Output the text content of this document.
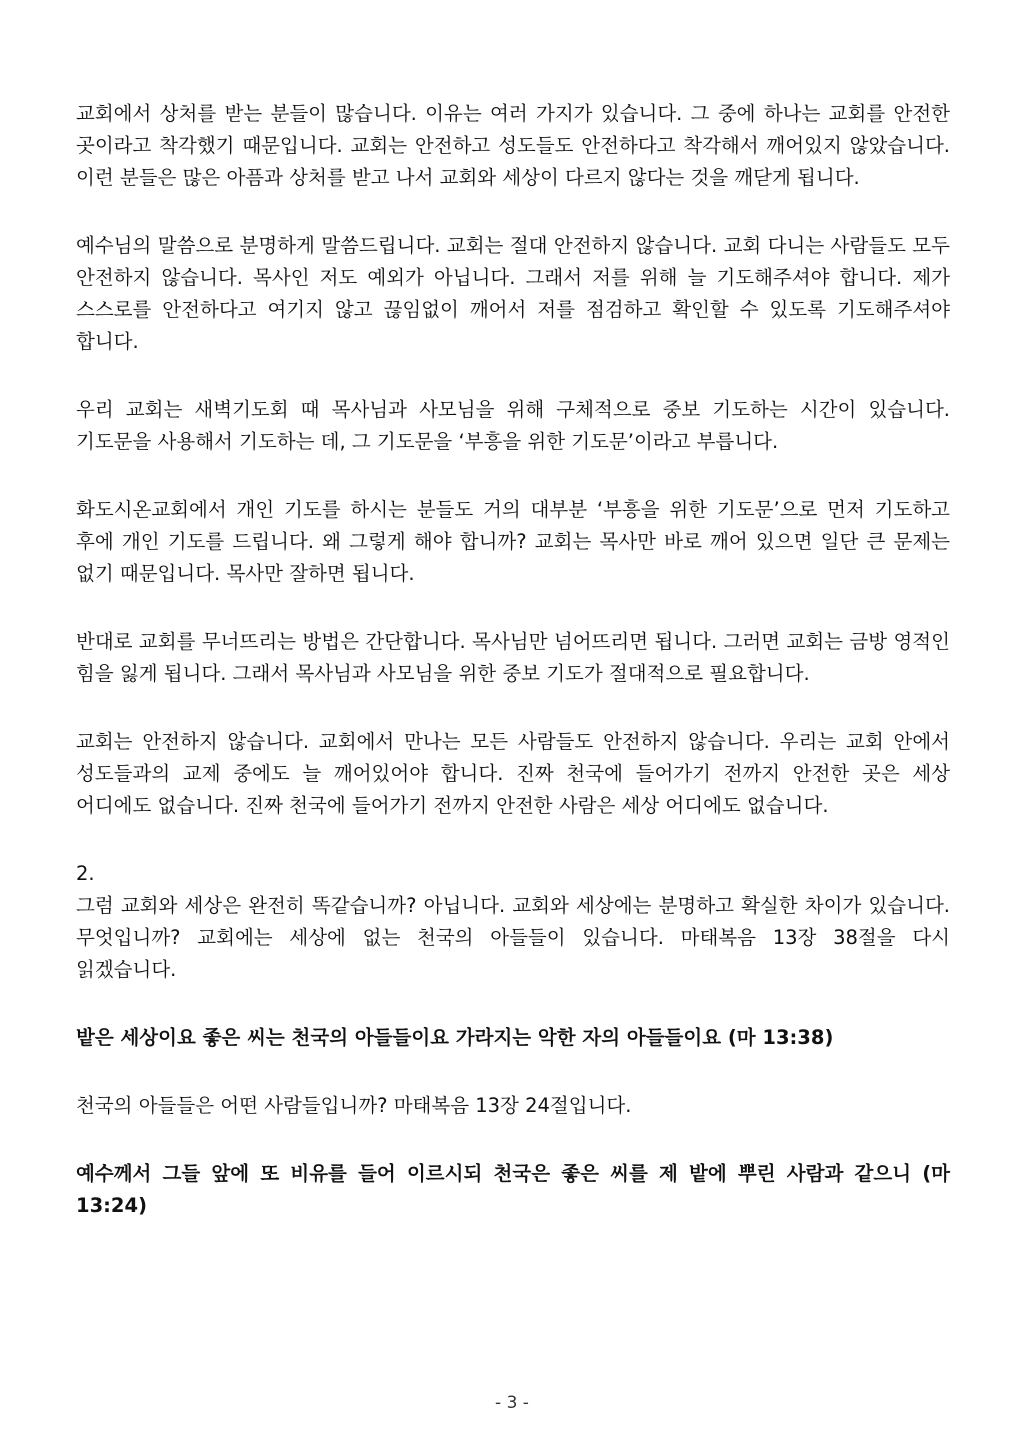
교회에서 상처를 받는 분들이 많습니다. 이유는 여러 가지가 있습니다. 그 중에 하나는 교회를 안전한 곳이라고 착각했기 때문입니다. 교회는 안전하고 성도들도 안전하다고 착각해서 깨어있지 않았습니다. 이런 분들은 많은 아픔과 상처를 받고 나서 교회와 세상이 다르지 않다는 것을 깨닫게 됩니다.

예수님의 말씀으로 분명하게 말씀드립니다. 교회는 절대 안전하지 않습니다. 교회 다니는 사람들도 모두 안전하지 않습니다. 목사인 저도 예외가 아닙니다. 그래서 저를 위해 늘 기도해주셔야 합니다. 제가 스스로를 안전하다고 여기지 않고 끊임없이 깨어서 저를 점검하고 확인할 수 있도록 기도해주셔야 합니다.

우리 교회는 새벽기도회 때 목사님과 사모님을 위해 구체적으로 중보 기도하는 시간이 있습니다. 기도문을 사용해서 기도하는 데, 그 기도문을 ‘부흥을 위한 기도문’이라고 부릅니다.

화도시온교회에서 개인 기도를 하시는 분들도 거의 대부분 ‘부흥을 위한 기도문’으로 먼저 기도하고 후에 개인 기도를 드립니다. 왜 그렇게 해야 합니까? 교회는 목사만 바로 깨어 있으면 일단 큰 문제는 없기 때문입니다. 목사만 잘하면 됩니다.

반대로 교회를 무너뜨리는 방법은 간단합니다. 목사님만 넘어뜨리면 됩니다. 그러면 교회는 금방 영적인 힘을 잃게 됩니다. 그래서 목사님과 사모님을 위한 중보 기도가 절대적으로 필요합니다.

교회는 안전하지 않습니다. 교회에서 만나는 모든 사람들도 안전하지 않습니다. 우리는 교회 안에서 성도들과의 교제 중에도 늘 깨어있어야 합니다. 진짜 천국에 들어가기 전까지 안전한 곳은 세상 어디에도 없습니다. 진짜 천국에 들어가기 전까지 안전한 사람은 세상 어디에도 없습니다.

2.

그럼 교회와 세상은 완전히 똑같습니까? 아닙니다. 교회와 세상에는 분명하고 확실한 차이가 있습니다. 무엇입니까? 교회에는 세상에 없는 천국의 아들들이 있습니다. 마태복음 13장 38절을 다시 읽겠습니다.

밭은 세상이요 좋은 씨는 천국의 아들들이요 가라지는 악한 자의 아들들이요 (마 13:38)

천국의 아들들은 어떤 사람들입니까? 마태복음 13장 24절입니다.

예수께서 그들 앞에 또 비유를 들어 이르시되 천국은 좋은 씨를 제 밭에 뿌린 사람과 같으니 (마 13:24)

- 3 -
